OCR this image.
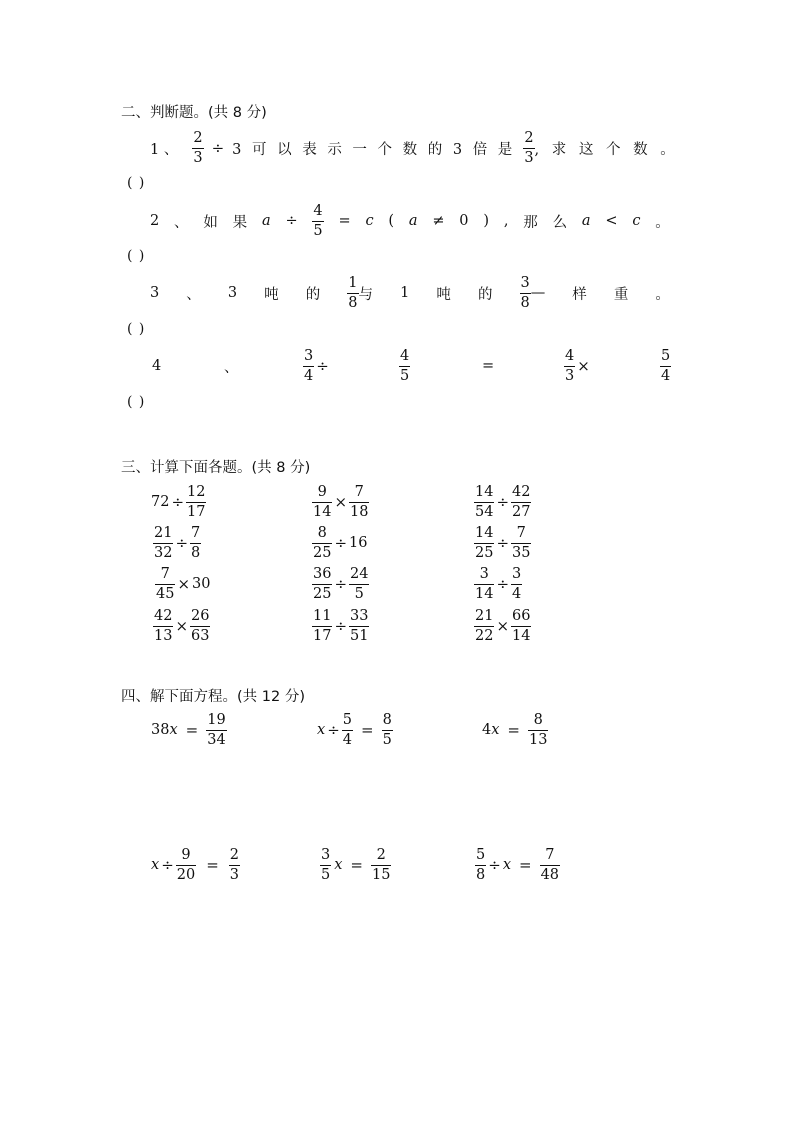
二、判断题。(共 8 分)
1 、 $\frac{2}{3} \div 3$ 可 以 表 示 一 个 数 的 3 倍 是 $\frac{2}{3}$ , 求 这 个 数 。
( )
2 、 如 果 $a \div \frac{4}{5} = c$ ( a ≠ 0 ) , 那 么 a < c 。
( )
3 、 3 吨 的 $\frac{1}{8}$ 与 1 吨 的 $\frac{3}{8}$ — 样 重 。
( )
4	、	$\frac{3}{4}$ ÷	$\frac{4}{5}$	=	$\frac{4}{3}$ ×	$\frac{5}{4}$
( )
三、计算下面各题。(共 8 分)
$72 \div \frac{12}{17}$	$\frac{9}{14} \times \frac{7}{18}$	$\frac{14}{54} \div \frac{42}{27}$
$\frac{21}{32} \div \frac{7}{8}$	$\frac{8}{25} \div 16$	$\frac{14}{25} \div \frac{7}{35}$
$\frac{7}{45} \times 30$	$\frac{36}{25} \div \frac{24}{5}$	$\frac{3}{14} \div \frac{3}{4}$
$\frac{42}{13} \times \frac{26}{63}$	$\frac{11}{17} \div \frac{33}{51}$	$\frac{21}{22} \times \frac{66}{14}$
四、解下面方程。(共 12 分)
38 $x = \frac{19}{34}$	$x \div \frac{5}{4} = \frac{8}{5}$	4 $x = \frac{8}{13}$
$x \div \frac{9}{20} = \frac{2}{3}$	$\frac{3}{5}$ $x = \frac{2}{15}$	$\frac{5}{8} \div x = \frac{7}{48}$
